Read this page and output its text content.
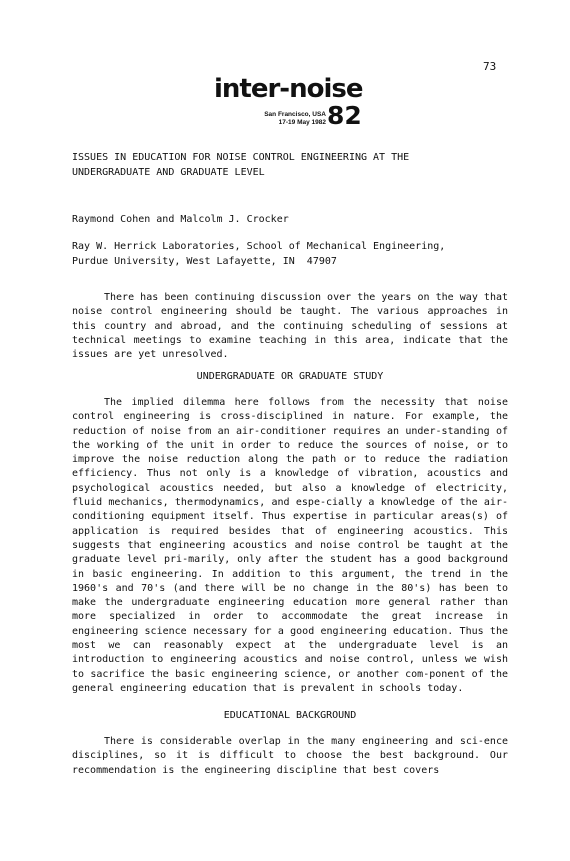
73
inter-noise
San Francisco, USA
17-19 May 1982 82
ISSUES IN EDUCATION FOR NOISE CONTROL ENGINEERING AT THE
UNDERGRADUATE AND GRADUATE LEVEL
Raymond Cohen and Malcolm J. Crocker
Ray W. Herrick Laboratories, School of Mechanical Engineering,
Purdue University, West Lafayette, IN  47907
There has been continuing discussion over the years on the way that noise control engineering should be taught. The various approaches in this country and abroad, and the continuing scheduling of sessions at technical meetings to examine teaching in this area, indicate that the issues are yet unresolved.
UNDERGRADUATE OR GRADUATE STUDY
The implied dilemma here follows from the necessity that noise control engineering is cross-disciplined in nature. For example, the reduction of noise from an air-conditioner requires an under-standing of the working of the unit in order to reduce the sources of noise, or to improve the noise reduction along the path or to reduce the radiation efficiency. Thus not only is a knowledge of vibration, acoustics and psychological acoustics needed, but also a knowledge of electricity, fluid mechanics, thermodynamics, and espe-cially a knowledge of the air-conditioning equipment itself. Thus expertise in particular areas(s) of application is required besides that of engineering acoustics. This suggests that engineering acoustics and noise control be taught at the graduate level pri-marily, only after the student has a good background in basic engineering. In addition to this argument, the trend in the 1960's and 70's (and there will be no change in the 80's) has been to make the undergraduate engineering education more general rather than more specialized in order to accommodate the great increase in engineering science necessary for a good engineering education. Thus the most we can reasonably expect at the undergraduate level is an introduction to engineering acoustics and noise control, unless we wish to sacrifice the basic engineering science, or another com-ponent of the general engineering education that is prevalent in schools today.
EDUCATIONAL BACKGROUND
There is considerable overlap in the many engineering and sci-ence disciplines, so it is difficult to choose the best background. Our recommendation is the engineering discipline that best covers
